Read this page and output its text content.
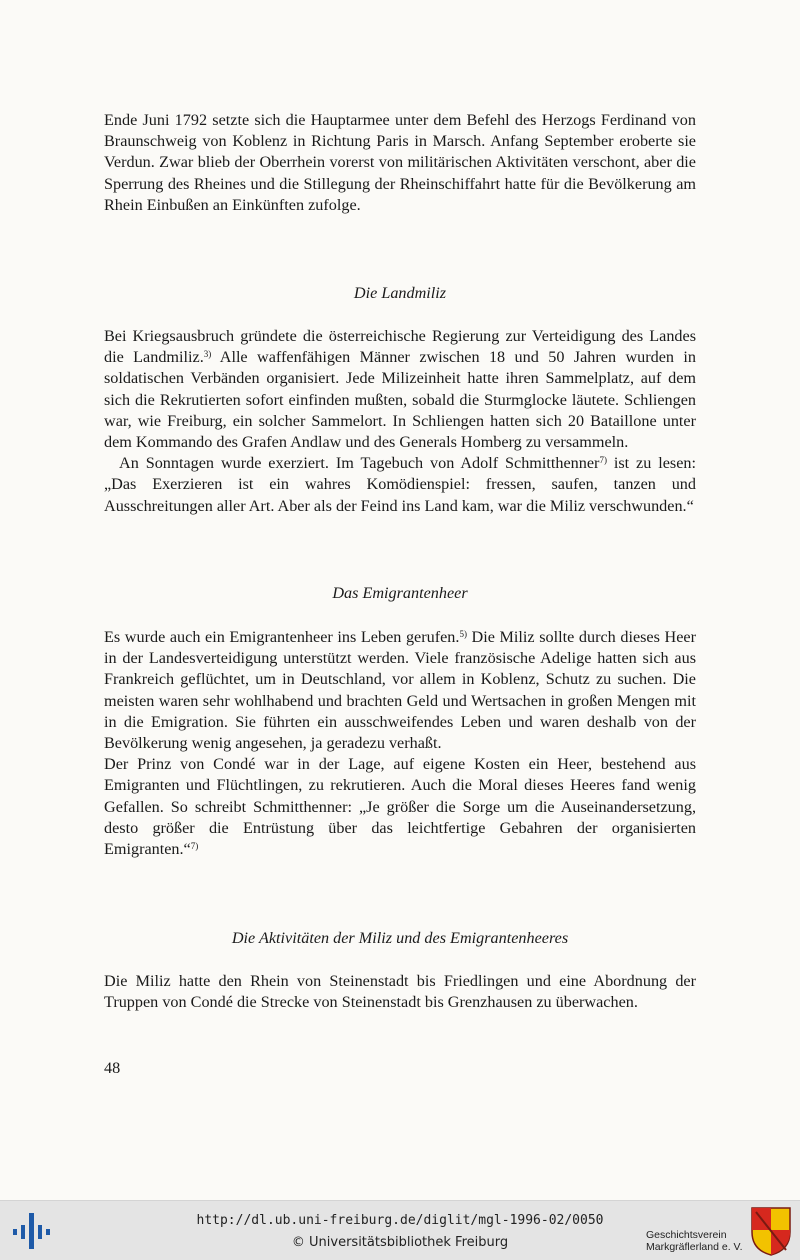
Ende Juni 1792 setzte sich die Hauptarmee unter dem Befehl des Herzogs Ferdinand von Braunschweig von Koblenz in Richtung Paris in Marsch. Anfang September eroberte sie Verdun. Zwar blieb der Oberrhein vorerst von militärischen Aktivitäten verschont, aber die Sperrung des Rheines und die Stillegung der Rheinschiffahrt hatte für die Bevölkerung am Rhein Einbußen an Einkünften zufolge.

Die Landmiliz

Bei Kriegsausbruch gründete die österreichische Regierung zur Verteidigung des Landes die Landmiliz.$^{3)}$ Alle waffenfähigen Männer zwischen 18 und 50 Jahren wurden in soldatischen Verbänden organisiert. Jede Milizeinheit hatte ihren Sammelplatz, auf dem sich die Rekrutierten sofort einfinden mußten, sobald die Sturmglocke läutete. Schliengen war, wie Freiburg, ein solcher Sammelort. In Schliengen hatten sich 20 Bataillone unter dem Kommando des Grafen Andlaw und des Generals Homberg zu versammeln.

An Sonntagen wurde exerziert. Im Tagebuch von Adolf Schmitthenner$^{7)}$ ist zu lesen: „Das Exerzieren ist ein wahres Komödienspiel: fressen, saufen, tanzen und Ausschreitungen aller Art. Aber als der Feind ins Land kam, war die Miliz verschwunden.“

Das Emigrantenheer

Es wurde auch ein Emigrantenheer ins Leben gerufen.$^{5)}$ Die Miliz sollte durch dieses Heer in der Landesverteidigung unterstützt werden. Viele französische Adelige hatten sich aus Frankreich geflüchtet, um in Deutschland, vor allem in Koblenz, Schutz zu suchen. Die meisten waren sehr wohlhabend und brachten Geld und Wertsachen in großen Mengen mit in die Emigration. Sie führten ein ausschweifendes Leben und waren deshalb von der Bevölkerung wenig angesehen, ja geradezu verhaßt.

Der Prinz von Condé war in der Lage, auf eigene Kosten ein Heer, bestehend aus Emigranten und Flüchtlingen, zu rekrutieren. Auch die Moral dieses Heeres fand wenig Gefallen. So schreibt Schmitthenner: „Je größer die Sorge um die Auseinandersetzung, desto größer die Entrüstung über das leichtfertige Gebahren der organisierten Emigranten.“$^{7)}$

Die Aktivitäten der Miliz und des Emigrantenheeres

Die Miliz hatte den Rhein von Steinenstadt bis Friedlingen und eine Abordnung der Truppen von Condé die Strecke von Steinenstadt bis Grenzhausen zu überwachen.

48
http://dl.ub.uni-freiburg.de/diglit/mgl-1996-02/0050
© Universitätsbibliothek Freiburg	Geschichtsverein
Markgräflerland e. V.
